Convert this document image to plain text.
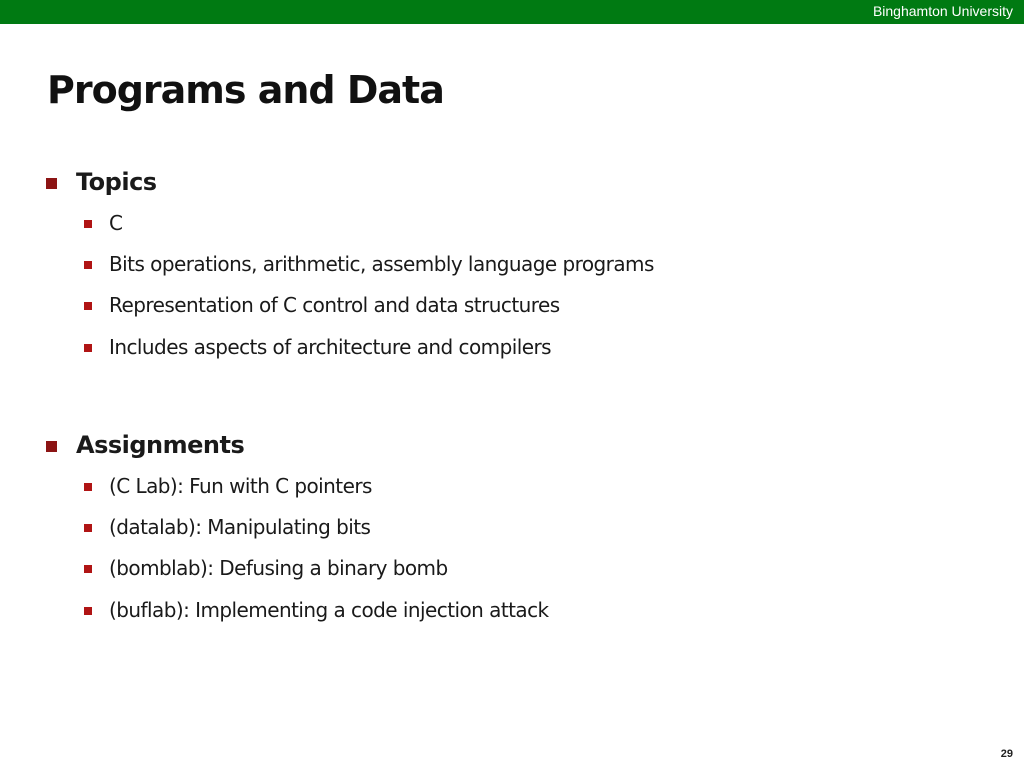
Binghamton University
Programs and Data
Topics
C
Bits operations, arithmetic, assembly language programs
Representation of C control and data structures
Includes aspects of architecture and compilers
Assignments
(C Lab): Fun with C pointers
(datalab): Manipulating bits
(bomblab): Defusing a binary bomb
(buflab): Implementing a code injection attack
29
